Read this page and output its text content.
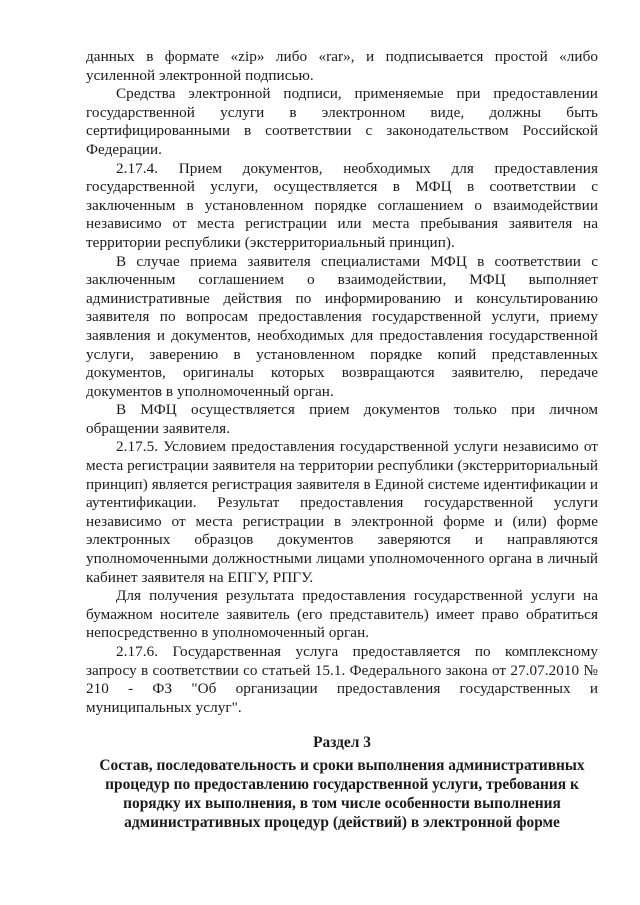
данных в формате «zip» либо «rar», и подписывается простой «либо усиленной электронной подписью.

Средства электронной подписи, применяемые при предоставлении государственной услуги в электронном виде, должны быть сертифицированными в соответствии с законодательством Российской Федерации.

2.17.4. Прием документов, необходимых для предоставления государственной услуги, осуществляется в МФЦ в соответствии с заключенным в установленном порядке соглашением о взаимодействии независимо от места регистрации или места пребывания заявителя на территории республики (экстерриториальный принцип).

В случае приема заявителя специалистами МФЦ в соответствии с заключенным соглашением о взаимодействии, МФЦ выполняет административные действия по информированию и консультированию заявителя по вопросам предоставления государственной услуги, приему заявления и документов, необходимых для предоставления государственной услуги, заверению в установленном порядке копий представленных документов, оригиналы которых возвращаются заявителю, передаче документов в уполномоченный орган.

В МФЦ осуществляется прием документов только при личном обращении заявителя.

2.17.5. Условием предоставления государственной услуги независимо от места регистрации заявителя на территории республики (экстерриториальный принцип) является регистрация заявителя в Единой системе идентификации и аутентификации. Результат предоставления государственной услуги независимо от места регистрации в электронной форме и (или) форме электронных образцов документов заверяются и направляются уполномоченными должностными лицами уполномоченного органа в личный кабинет заявителя на ЕПГУ, РПГУ.

Для получения результата предоставления государственной услуги на бумажном носителе заявитель (его представитель) имеет право обратиться непосредственно в уполномоченный орган.

2.17.6. Государственная услуга предоставляется по комплексному запросу в соответствии со статьей 15.1. Федерального закона от 27.07.2010 № 210 - ФЗ "Об организации предоставления государственных и муниципальных услуг".

Раздел 3

Состав, последовательность и сроки выполнения административных процедур по предоставлению государственной услуги, требования к порядку их выполнения, в том числе особенности выполнения административных процедур (действий) в электронной форме
